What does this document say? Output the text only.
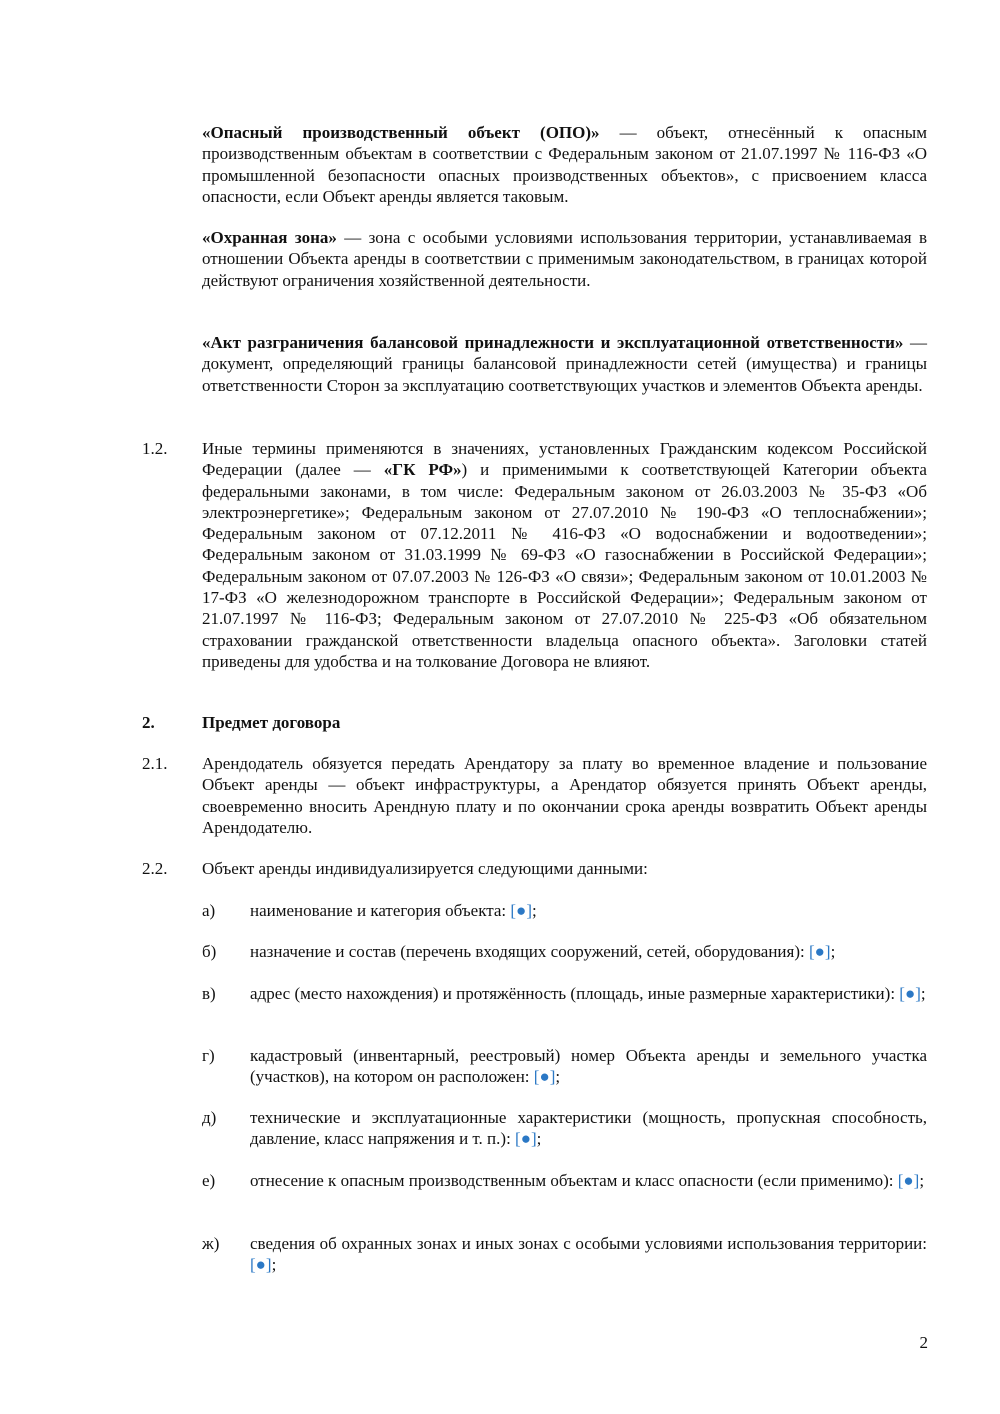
«Опасный производственный объект (ОПО)» — объект, отнесённый к опасным производственным объектам в соответствии с Федеральным законом от 21.07.1997 № 116-ФЗ «О промышленной безопасности опасных производственных объектов», с присвоением класса опасности, если Объект аренды является таковым.
«Охранная зона» — зона с особыми условиями использования территории, устанавливаемая в отношении Объекта аренды в соответствии с применимым законодательством, в границах которой действуют ограничения хозяйственной деятельности.
«Акт разграничения балансовой принадлежности и эксплуатационной ответственности» — документ, определяющий границы балансовой принадлежности сетей (имущества) и границы ответственности Сторон за эксплуатацию соответствующих участков и элементов Объекта аренды.
1.2.	Иные термины применяются в значениях, установленных Гражданским кодексом Российской Федерации (далее — «ГК РФ») и применимыми к соответствующей Категории объекта федеральными законами, в том числе: Федеральным законом от 26.03.2003 № 35-ФЗ «Об электроэнергетике»; Федеральным законом от 27.07.2010 № 190-ФЗ «О теплоснабжении»; Федеральным законом от 07.12.2011 № 416-ФЗ «О водоснабжении и водоотведении»; Федеральным законом от 31.03.1999 № 69-ФЗ «О газоснабжении в Российской Федерации»; Федеральным законом от 07.07.2003 № 126-ФЗ «О связи»; Федеральным законом от 10.01.2003 № 17-ФЗ «О железнодорожном транспорте в Российской Федерации»; Федеральным законом от 21.07.1997 № 116-ФЗ; Федеральным законом от 27.07.2010 № 225-ФЗ «Об обязательном страховании гражданской ответственности владельца опасного объекта». Заголовки статей приведены для удобства и на толкование Договора не влияют.
2.	Предмет договора
2.1.	Арендодатель обязуется передать Арендатору за плату во временное владение и пользование Объект аренды — объект инфраструктуры, а Арендатор обязуется принять Объект аренды, своевременно вносить Арендную плату и по окончании срока аренды возвратить Объект аренды Арендодателю.
2.2.	Объект аренды индивидуализируется следующими данными:
а)	наименование и категория объекта: [●];
б)	назначение и состав (перечень входящих сооружений, сетей, оборудования): [●];
в)	адрес (место нахождения) и протяжённость (площадь, иные размерные характеристики): [●];
г)	кадастровый (инвентарный, реестровый) номер Объекта аренды и земельного участка (участков), на котором он расположен: [●];
д)	технические и эксплуатационные характеристики (мощность, пропускная способность, давление, класс напряжения и т. п.): [●];
е)	отнесение к опасным производственным объектам и класс опасности (если применимо): [●];
ж)	сведения об охранных зонах и иных зонах с особыми условиями использования территории: [●];
2
